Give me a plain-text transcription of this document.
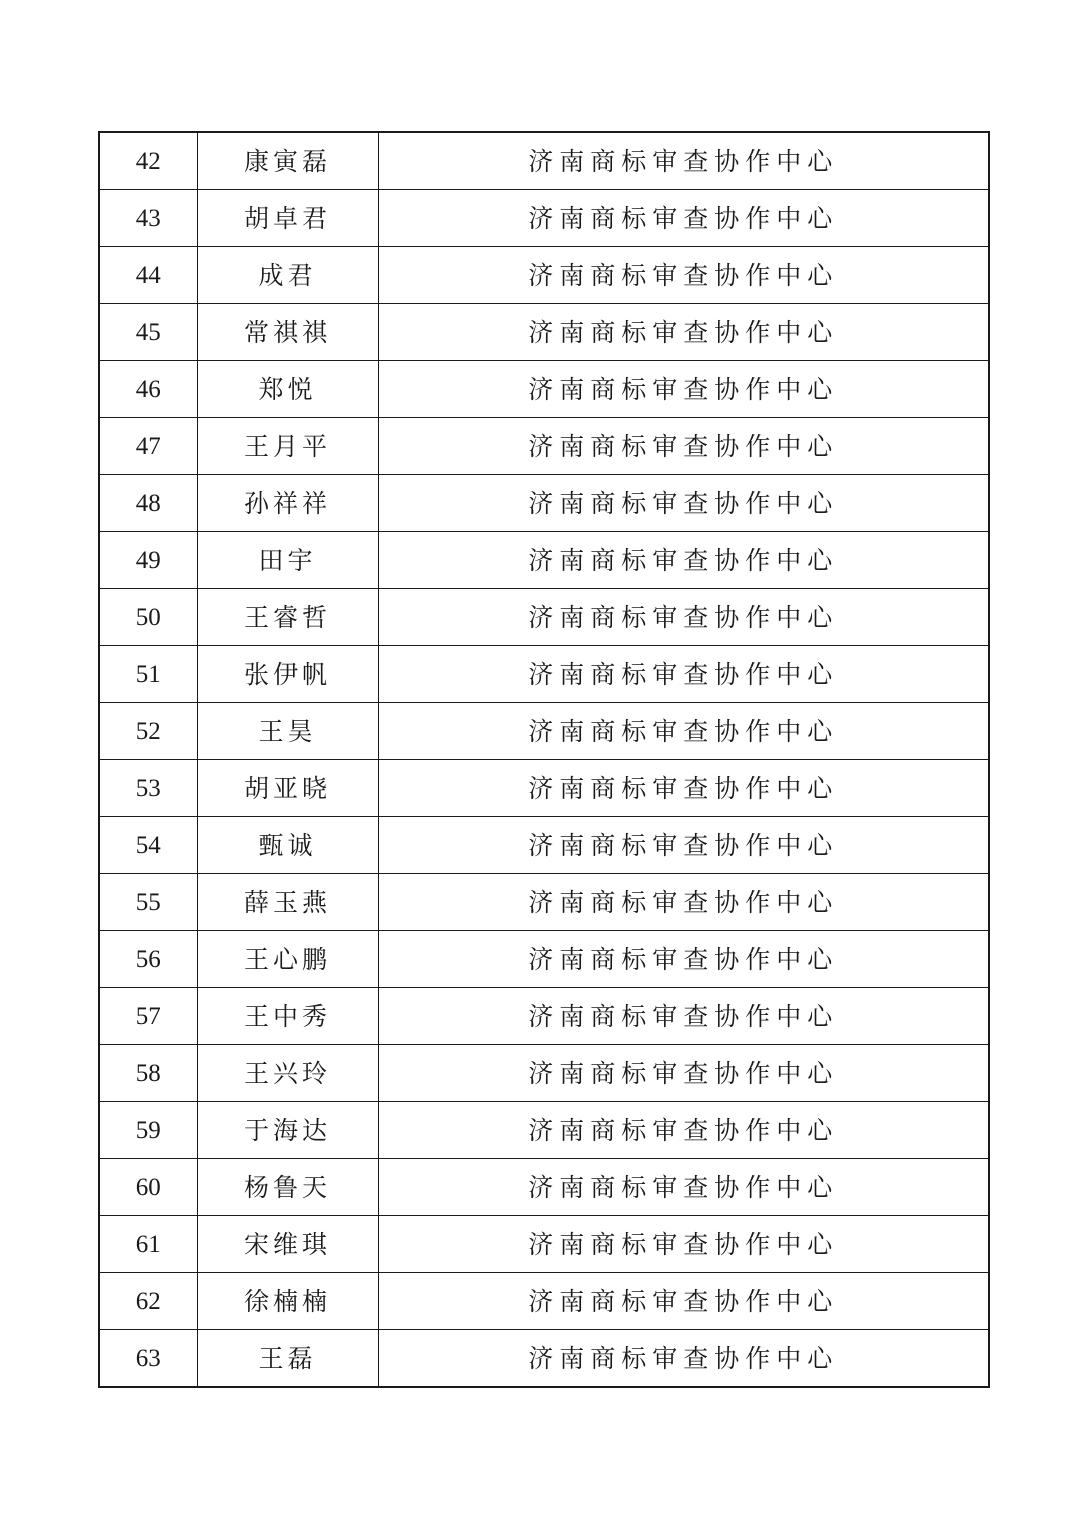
42	康寅磊	济南商标审查协作中心
43	胡卓君	济南商标审查协作中心
44	成君	济南商标审查协作中心
45	常祺祺	济南商标审查协作中心
46	郑悦	济南商标审查协作中心
47	王月平	济南商标审查协作中心
48	孙祥祥	济南商标审查协作中心
49	田宇	济南商标审查协作中心
50	王睿哲	济南商标审查协作中心
51	张伊帆	济南商标审查协作中心
52	王昊	济南商标审查协作中心
53	胡亚晓	济南商标审查协作中心
54	甄诚	济南商标审查协作中心
55	薛玉燕	济南商标审查协作中心
56	王心鹏	济南商标审查协作中心
57	王中秀	济南商标审查协作中心
58	王兴玲	济南商标审查协作中心
59	于海达	济南商标审查协作中心
60	杨鲁天	济南商标审查协作中心
61	宋维琪	济南商标审查协作中心
62	徐楠楠	济南商标审查协作中心
63	王磊	济南商标审查协作中心
